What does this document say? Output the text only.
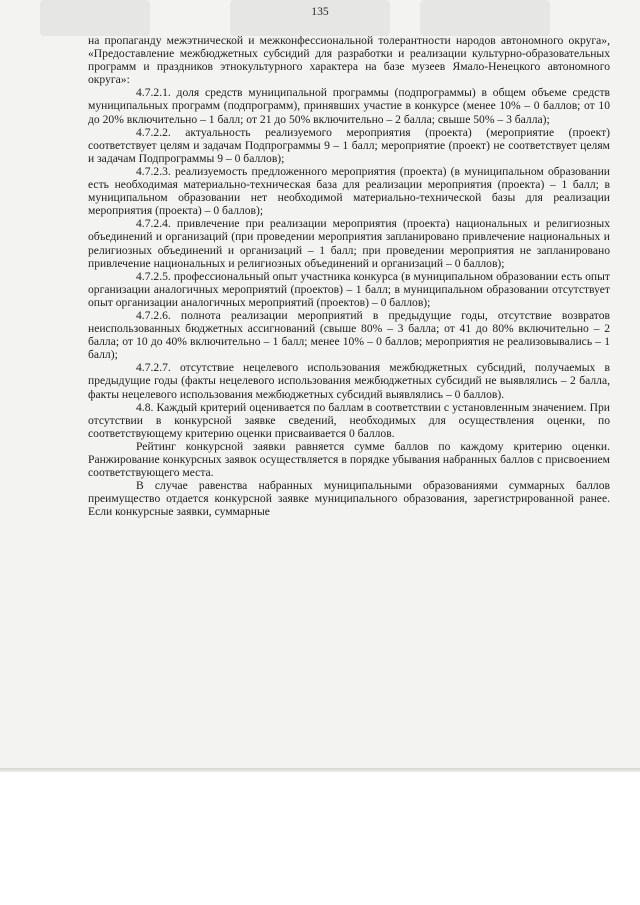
135

на пропаганду межэтнической и межконфессиональной толерантности народов автономного округа», «Предоставление межбюджетных субсидий для разработки и реализации культурно-образовательных программ и праздников этнокультурного характера на базе музеев Ямало-Ненецкого автономного округа»:

4.7.2.1. доля средств муниципальной программы (подпрограммы) в общем объеме средств муниципальных программ (подпрограмм), принявших участие в конкурсе (менее 10% – 0 баллов; от 10 до 20% включительно – 1 балл; от 21 до 50% включительно – 2 балла; свыше 50% – 3 балла);

4.7.2.2. актуальность реализуемого мероприятия (проекта) (мероприятие (проект) соответствует целям и задачам Подпрограммы 9 – 1 балл; мероприятие (проект) не соответствует целям и задачам Подпрограммы 9 – 0 баллов);

4.7.2.3. реализуемость предложенного мероприятия (проекта) (в муниципальном образовании есть необходимая материально-техническая база для реализации мероприятия (проекта) – 1 балл; в муниципальном образовании нет необходимой материально-технической базы для реализации мероприятия (проекта) – 0 баллов);

4.7.2.4. привлечение при реализации мероприятия (проекта) национальных и религиозных объединений и организаций (при проведении мероприятия запланировано привлечение национальных и религиозных объединений и организаций – 1 балл; при проведении мероприятия не запланировано привлечение национальных и религиозных объединений и организаций – 0 баллов);

4.7.2.5. профессиональный опыт участника конкурса (в муниципальном образовании есть опыт организации аналогичных мероприятий (проектов) – 1 балл; в муниципальном образовании отсутствует опыт организации аналогичных мероприятий (проектов) – 0 баллов);

4.7.2.6. полнота реализации мероприятий в предыдущие годы, отсутствие возвратов неиспользованных бюджетных ассигнований (свыше 80% – 3 балла; от 41 до 80% включительно – 2 балла; от 10 до 40% включительно – 1 балл; менее 10% – 0 баллов; мероприятия не реализовывались – 1 балл);

4.7.2.7. отсутствие нецелевого использования межбюджетных субсидий, получаемых в предыдущие годы (факты нецелевого использования межбюджетных субсидий не выявлялись – 2 балла, факты нецелевого использования межбюджетных субсидий выявлялись – 0 баллов).

4.8. Каждый критерий оценивается по баллам в соответствии с установленным значением. При отсутствии в конкурсной заявке сведений, необходимых для осуществления оценки, по соответствующему критерию оценки присваивается 0 баллов.

Рейтинг конкурсной заявки равняется сумме баллов по каждому критерию оценки. Ранжирование конкурсных заявок осуществляется в порядке убывания набранных баллов с присвоением соответствующего места.

В случае равенства набранных муниципальными образованиями суммарных баллов преимущество отдается конкурсной заявке муниципального образования, зарегистрированной ранее. Если конкурсные заявки, суммарные
